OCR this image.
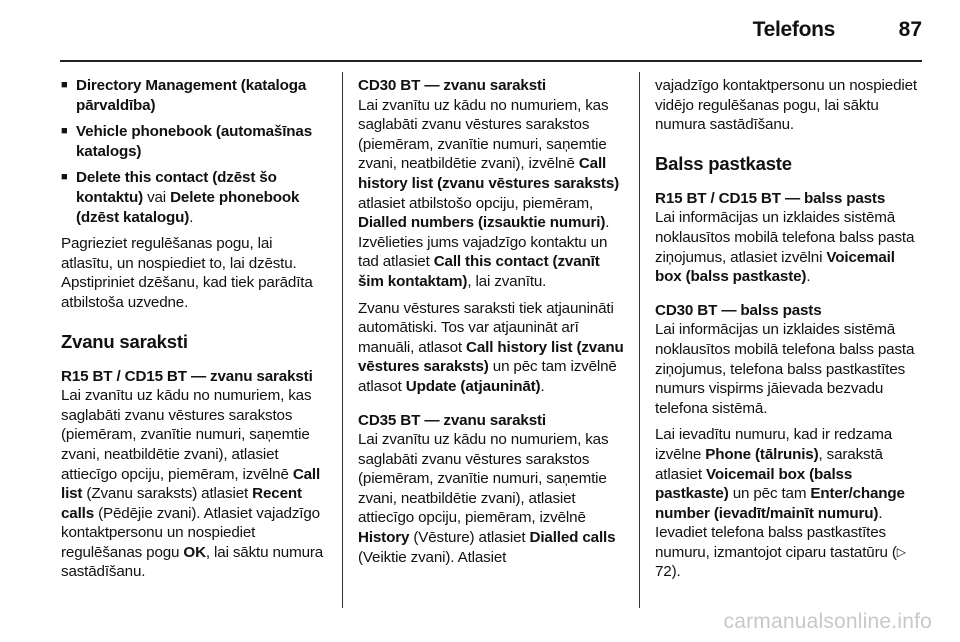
Telefons	87
■ Directory Management (kataloga pārvaldība)
■ Vehicle phonebook (automašīnas katalogs)
■ Delete this contact (dzēst šo kontaktu) vai Delete phonebook (dzēst katalogu).

Pagrieziet regulēšanas pogu, lai atlasītu, un nospiediet to, lai dzēstu. Apstipriniet dzēšanu, kad tiek parādīta atbilstoša uzvedne.

Zvanu saraksti
R15 BT / CD15 BT — zvanu saraksti

Lai zvanītu uz kādu no numuriem, kas saglabāti zvanu vēstures sarakstos (piemēram, zvanītie numuri, saņemtie zvani, neatbildētie zvani), atlasiet attiecīgo opciju, piemēram, izvēlnē Call list (Zvanu saraksts) atlasiet Recent calls (Pēdējie zvani). Atlasiet vajadzīgo kontaktpersonu un nospiediet regulēšanas pogu OK, lai sāktu numura sastādīšanu.

CD30 BT — zvanu saraksti

Lai zvanītu uz kādu no numuriem, kas saglabāti zvanu vēstures sarakstos (piemēram, zvanītie numuri, saņemtie zvani, neatbildētie zvani), izvēlnē Call history list (zvanu vēstures saraksts) atlasiet atbilstošo opciju, piemēram, Dialled numbers (izsauktie numuri). Izvēlieties jums vajadzīgo kontaktu un tad atlasiet Call this contact (zvanīt šim kontaktam), lai zvanītu.

Zvanu vēstures saraksti tiek atjaunināti automātiski. Tos var atjaunināt arī manuāli, atlasot Call history list (zvanu vēstures saraksts) un pēc tam izvēlnē atlasot Update (atjaunināt).

CD35 BT — zvanu saraksti

Lai zvanītu uz kādu no numuriem, kas saglabāti zvanu vēstures sarakstos (piemēram, zvanītie numuri, saņemtie zvani, neatbildētie zvani), atlasiet attiecīgo opciju, piemēram, izvēlnē History (Vēsture) atlasiet Dialled calls (Veiktie zvani). Atlasiet

vajadzīgo kontaktpersonu un nospiediet vidējo regulēšanas pogu, lai sāktu numura sastādīšanu.

Balss pastkaste
R15 BT / CD15 BT — balss pasts

Lai informācijas un izklaides sistēmā noklausītos mobilā telefona balss pasta ziņojumus, atlasiet izvēlni Voicemail box (balss pastkaste).

CD30 BT — balss pasts

Lai informācijas un izklaides sistēmā noklausītos mobilā telefona balss pasta ziņojumus, telefona balss pastkastītes numurs vispirms jāievada bezvadu telefona sistēmā.

Lai ievadītu numuru, kad ir redzama izvēlne Phone (tālrunis), sarakstā atlasiet Voicemail box (balss pastkaste) un pēc tam Enter/change number (ievadīt/mainīt numuru). Ievadiet telefona balss pastkastītes numuru, izmantojot ciparu tastatūru (▷ 72).

carmanualsonline.info
